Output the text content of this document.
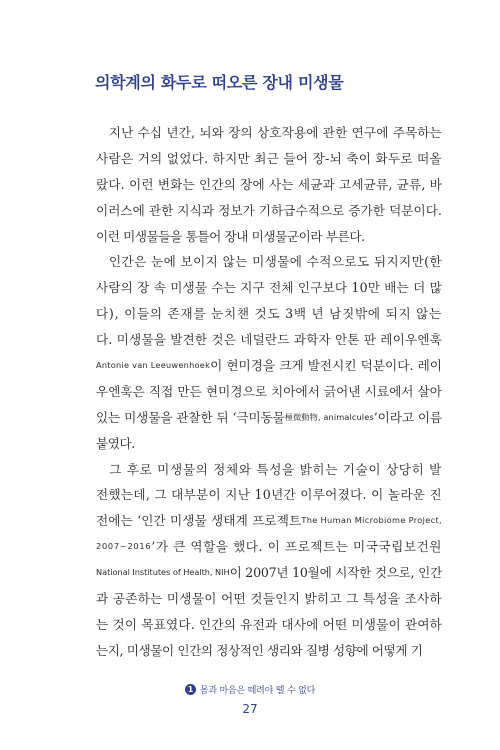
의학계의 화두로 떠오른 장내 미생물
　지난 수십 년간, 뇌와 장의 상호작용에 관한 연구에 주목하는
사람은 거의 없었다. 하지만 최근 들어 장-뇌 축이 화두로 떠올
랐다. 이런 변화는 인간의 장에 사는 세균과 고세균류, 균류, 바
이러스에 관한 지식과 정보가 기하급수적으로 증가한 덕분이다.
이런 미생물들을 통틀어 장내 미생물군이라 부른다.
　인간은 눈에 보이지 않는 미생물에 수적으로도 뒤지지만(한
사람의 장 속 미생물 수는 지구 전체 인구보다 10만 배는 더 많
다), 이들의 존재를 눈치챈 것도 3백 년 남짓밖에 되지 않는
다. 미생물을 발견한 것은 네덜란드 과학자 안톤 판 레이우엔훅
Antonie van Leeuwenhoek 이 현미경을 크게 발전시킨 덕분이다. 레이
우엔훅은 직접 만든 현미경으로 치아에서 긁어낸 시료에서 살아
있는 미생물을 관찰한 뒤 ‘극미동물 極微動物, animalcules ’이라고 이름
붙였다.
　그 후로 미생물의 정체와 특성을 밝히는 기술이 상당히 발
전했는데, 그 대부분이 지난 10년간 이루어졌다. 이 놀라운 진
전에는 ‘인간 미생물 생태계 프로젝트 The Human Microbiome Project,
2007~2016 ’가 큰 역할을 했다. 이 프로젝트는 미국국립보건원
National Institutes of Health, NIH 이 2007년 10월에 시작한 것으로, 인간
과 공존하는 미생물이 어떤 것들인지 밝히고 그 특성을 조사하
는 것이 목표였다. 인간의 유전과 대사에 어떤 미생물이 관여하
는지, 미생물이 인간의 정상적인 생리와 질병 성향에 어떻게 기
1 몸과 마음은 떼려야 뗄 수 없다
27
